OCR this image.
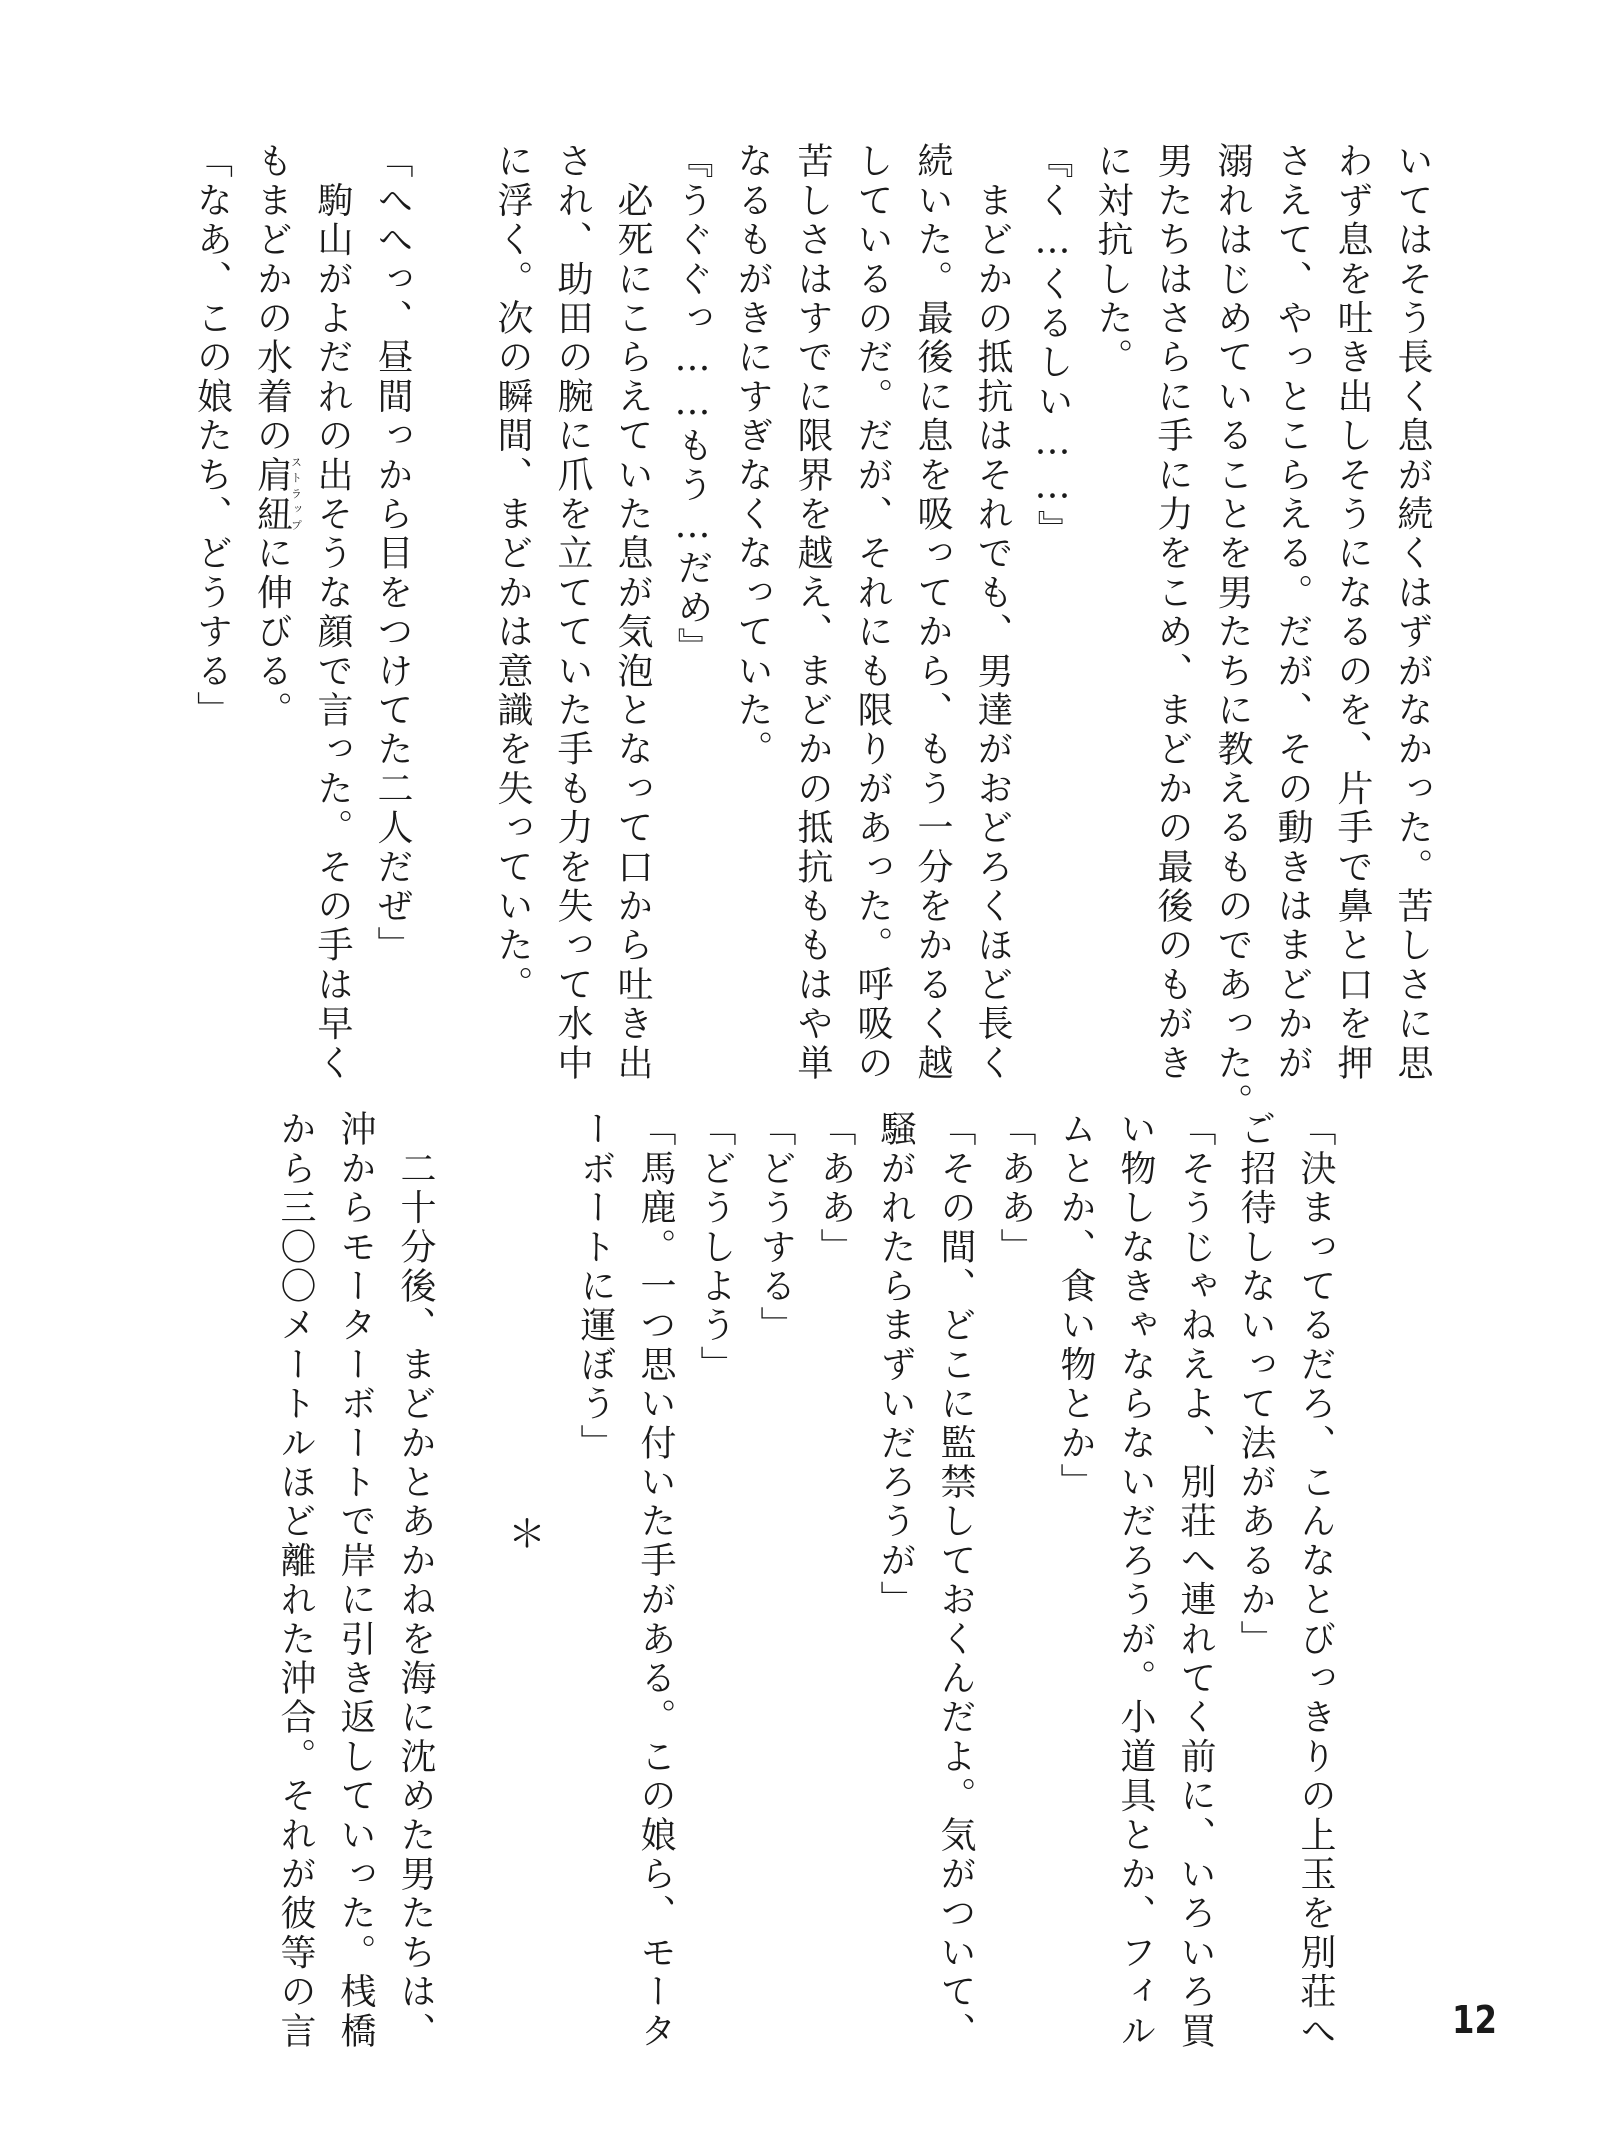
いてはそう長く息が続くはずがなかった。苦しさに思

わず息を吐き出しそうになるのを、片手で鼻と口を押

さえて、やっとこらえる。だが、その動きはまどかが

溺れはじめていることを男たちに教えるものであった。

男たちはさらに手に力をこめ、まどかの最後のもがき

に対抗した。

『く…くるしい……』

　まどかの抵抗はそれでも、男達がおどろくほど長く

続いた。最後に息を吸ってから、もう一分をかるく越

しているのだ。だが、それにも限りがあった。呼吸の

苦しさはすでに限界を越え、まどかの抵抗ももはや単

なるもがきにすぎなくなっていた。

『うぐぐっ……もう…だめ』

　必死にこらえていた息が気泡となって口から吐き出

され、助田の腕に爪を立てていた手も力を失って水中

に浮く。次の瞬間、まどかは意識を失っていた。

「へへっ、昼間っから目をつけてた二人だぜ」

　駒山がよだれの出そうな顔で言った。その手は早く

もまどかの水着の肩紐ストラップに伸びる。

「なあ、この娘たち、どうする」

「決まってるだろ、こんなとびっきりの上玉を別荘へ

ご招待しないって法があるか」

「そうじゃねえよ、別荘へ連れてく前に、いろいろ買

い物しなきゃならないだろうが。小道具とか、フィル

ムとか、食い物とか」

「ああ」

「その間、どこに監禁しておくんだよ。気がついて、

騒がれたらまずいだろうが」

「ああ」

「どうする」

「どうしよう」

「馬鹿。一つ思い付いた手がある。この娘ら、モータ

ーボートに運ぼう」

　二十分後、まどかとあかねを海に沈めた男たちは、

沖からモーターボートで岸に引き返していった。桟橋

から三〇〇メートルほど離れた沖合。それが彼等の言	＊
12
